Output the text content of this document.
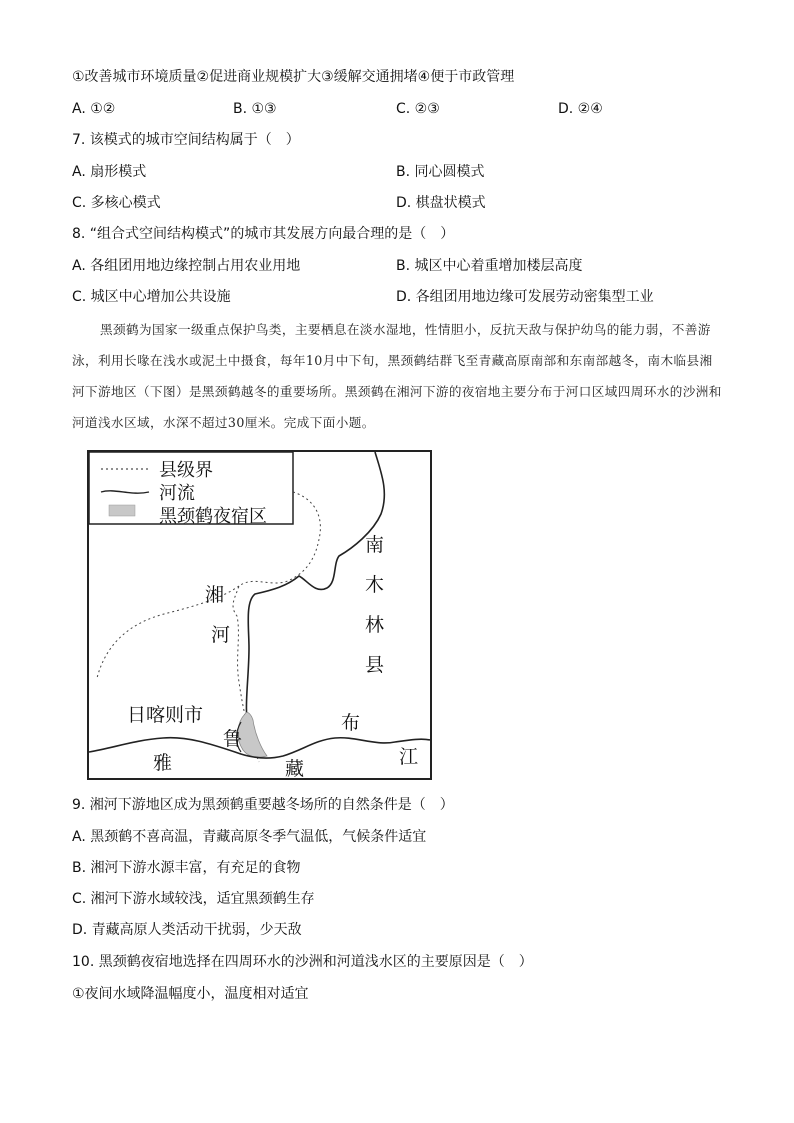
①改善城市环境质量②促进商业规模扩大③缓解交通拥堵④便于市政管理
A. ①②	B. ①③	C. ②③	D. ②④
7. 该模式的城市空间结构属于（　）
A. 扇形模式	B. 同心圆模式
C. 多核心模式	D. 棋盘状模式
8. “组合式空间结构模式”的城市其发展方向最合理的是（　）
A. 各组团用地边缘控制占用农业用地	B. 城区中心着重增加楼层高度
C. 城区中心增加公共设施	D. 各组团用地边缘可发展劳动密集型工业
黑颈鹤为国家一级重点保护鸟类，主要栖息在淡水湿地，性情胆小，反抗天敌与保护幼鸟的能力弱，不善游泳，利用长喙在浅水或泥土中摄食，每年10月中下旬，黑颈鹤结群飞至青藏高原南部和东南部越冬，南木临县湘河下游地区（下图）是黑颈鹤越冬的重要场所。黑颈鹤在湘河下游的夜宿地主要分布于河口区域四周环水的沙洲和河道浅水区域，水深不超过30厘米。完成下面小题。
县级界
河流
黑颈鹤夜宿区
南
木
林
县
湘
河
日喀则市
雅
鲁
藏
布
江
9. 湘河下游地区成为黑颈鹤重要越冬场所的自然条件是（　）
A. 黑颈鹤不喜高温，青藏高原冬季气温低，气候条件适宜
B. 湘河下游水源丰富，有充足的食物
C. 湘河下游水域较浅，适宜黑颈鹤生存
D. 青藏高原人类活动干扰弱，少天敌
10. 黑颈鹤夜宿地选择在四周环水的沙洲和河道浅水区的主要原因是（　）
①夜间水域降温幅度小，温度相对适宜
